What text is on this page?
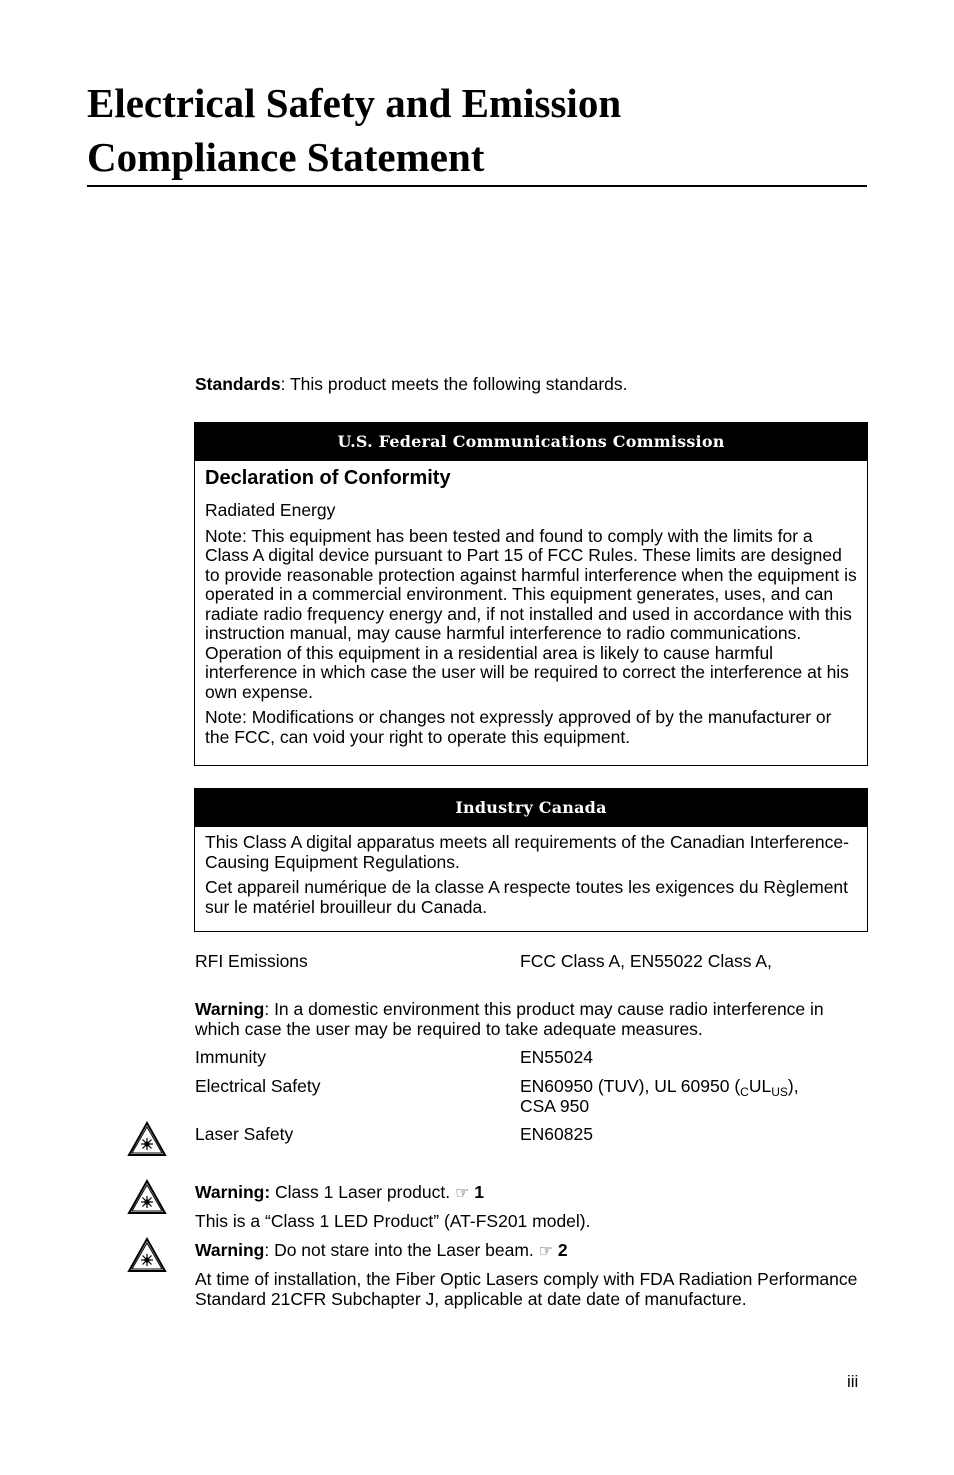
Electrical Safety and Emission
Compliance Statement
Standards: This product meets the following standards.
U.S. Federal Communications Commission
Declaration of Conformity
Radiated Energy
Note: This equipment has been tested and found to comply with the limits for a Class A digital device pursuant to Part 15 of FCC Rules. These limits are designed to provide reasonable protection against harmful interference when the equipment is operated in a commercial environment. This equipment generates, uses, and can radiate radio frequency energy and, if not installed and used in accordance with this instruction manual, may cause harmful interference to radio communications. Operation of this equipment in a residential area is likely to cause harmful interference in which case the user will be required to correct the interference at his own expense.
Note: Modifications or changes not expressly approved of by the manufacturer or the FCC, can void your right to operate this equipment.
Industry Canada
This Class A digital apparatus meets all requirements of the Canadian Interference-Causing Equipment Regulations.
Cet appareil numérique de la classe A respecte toutes les exigences du Règlement sur le matériel brouilleur du Canada.
RFI Emissions	FCC Class A, EN55022 Class A,
Warning: In a domestic environment this product may cause radio interference in which case the user may be required to take adequate measures.
Immunity	EN55024
Electrical Safety	EN60950 (TUV), UL 60950 $(_CUL_{US})$,
CSA 950
Laser Safety	EN60825
Warning: Class 1 Laser product. ☞ 1
This is a “Class 1 LED Product” (AT-FS201 model).
Warning: Do not stare into the Laser beam. ☞ 2
At time of installation, the Fiber Optic Lasers comply with FDA Radiation Performance Standard 21CFR Subchapter J, applicable at date date of manufacture.
iii
